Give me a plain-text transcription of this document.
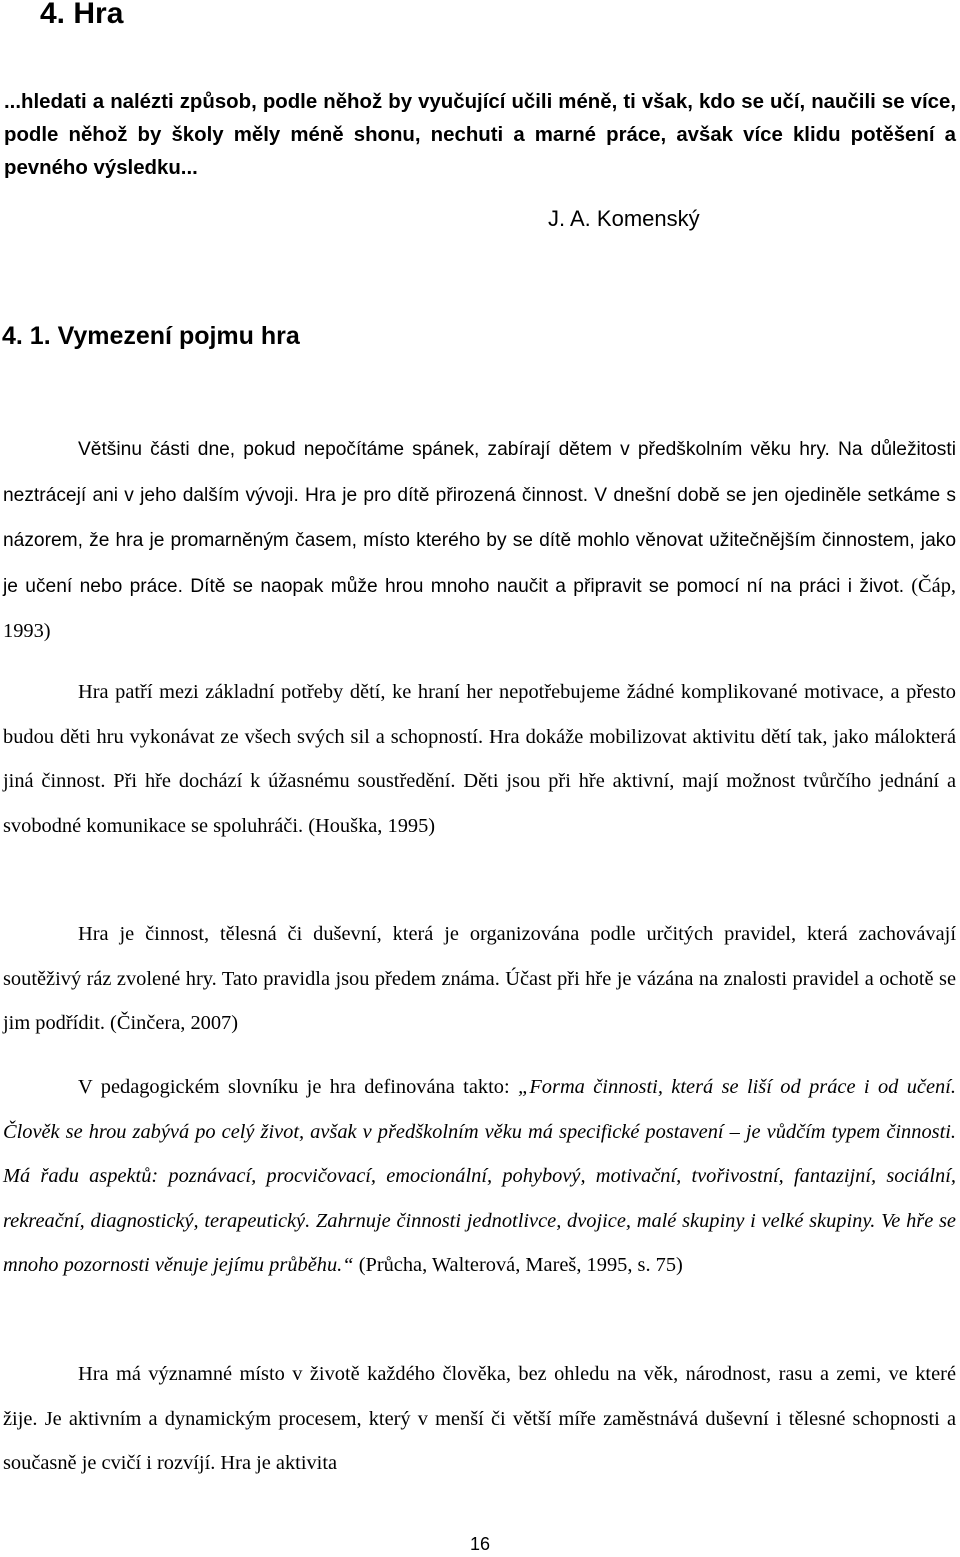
4. Hra

...hledati a nalézti způsob, podle něhož by vyučující učili méně, ti však, kdo se učí, naučili se více, podle něhož by školy měly méně shonu, nechuti a marné práce, avšak více klidu potěšení a pevného výsledku...

J. A. Komenský

4. 1. Vymezení pojmu hra

Většinu části dne, pokud nepočítáme spánek, zabírají dětem v předškolním věku hry. Na důležitosti neztrácejí ani v jeho dalším vývoji. Hra je pro dítě přirozená činnost. V dnešní době se jen ojediněle setkáme s názorem, že hra je promarněným časem, místo kterého by se dítě mohlo věnovat užitečnějším činnostem, jako je učení nebo práce. Dítě se naopak může hrou mnoho naučit a připravit se pomocí ní na práci i život. (Čáp, 1993)

Hra patří mezi základní potřeby dětí, ke hraní her nepotřebujeme žádné komplikované motivace, a přesto budou děti hru vykonávat ze všech svých sil a schopností. Hra dokáže mobilizovat aktivitu dětí tak, jako málokterá jiná činnost. Při hře dochází k úžasnému soustředění. Děti jsou při hře aktivní, mají možnost tvůrčího jednání a svobodné komunikace se spoluhráči. (Houška, 1995)

Hra je činnost, tělesná či duševní, která je organizována podle určitých pravidel, která zachovávají soutěživý ráz zvolené hry. Tato pravidla jsou předem známa. Účast při hře je vázána na znalosti pravidel a ochotě se jim podřídit. (Činčera, 2007)

V pedagogickém slovníku je hra definována takto: „Forma činnosti, která se liší od práce i od učení. Člověk se hrou zabývá po celý život, avšak v předškolním věku má specifické postavení – je vůdčím typem činnosti. Má řadu aspektů: poznávací, procvičovací, emocionální, pohybový, motivační, tvořivostní, fantazijní, sociální, rekreační, diagnostický, terapeutický. Zahrnuje činnosti jednotlivce, dvojice, malé skupiny i velké skupiny. Ve hře se mnoho pozornosti věnuje jejímu průběhu.“ (Průcha, Walterová, Mareš, 1995, s. 75)

Hra má významné místo v životě každého člověka, bez ohledu na věk, národnost, rasu a zemi, ve které žije. Je aktivním a dynamickým procesem, který v menší či větší míře zaměstnává duševní i tělesné schopnosti a současně je cvičí i rozvíjí. Hra je aktivita

16
